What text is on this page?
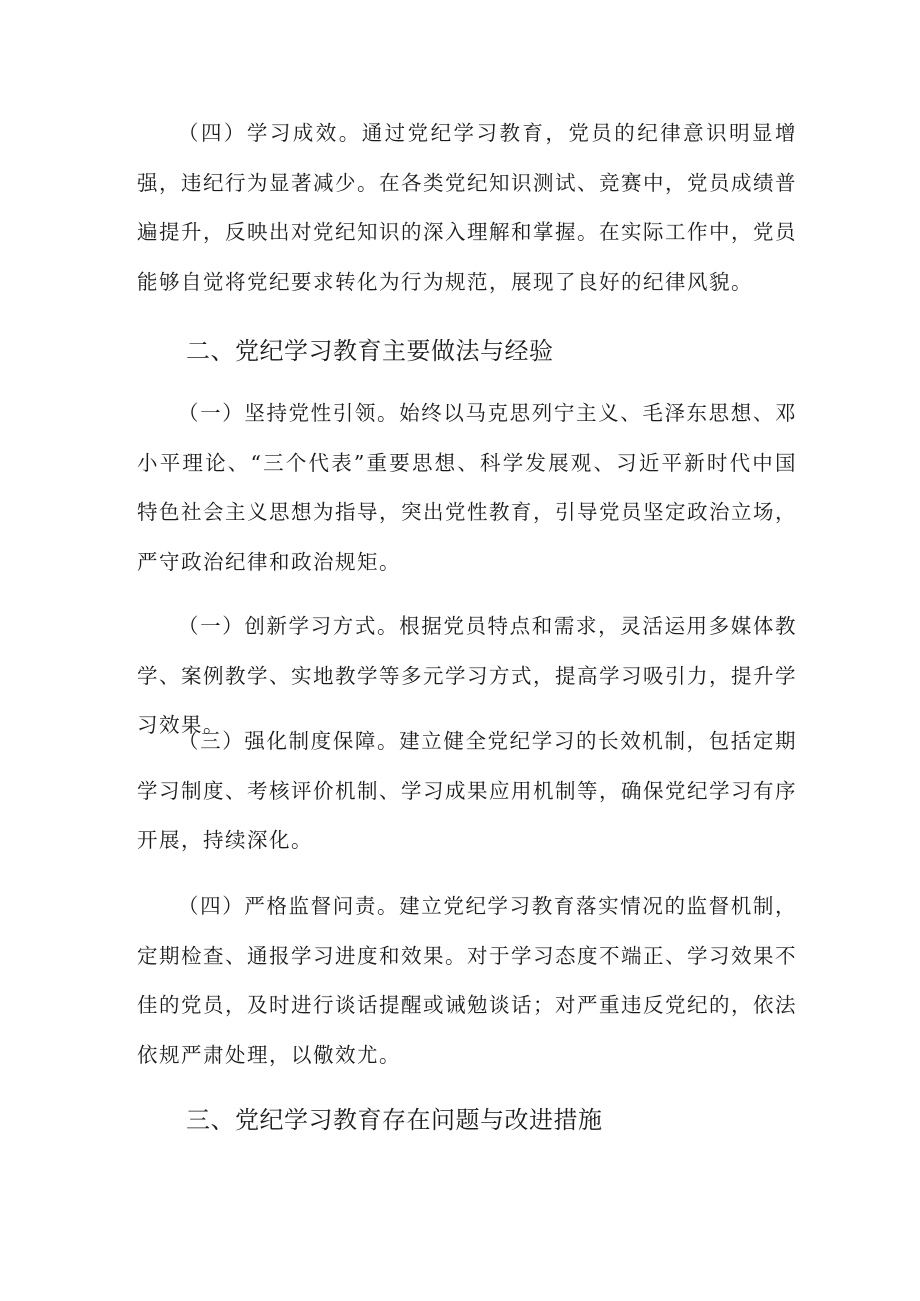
（四）学习成效。通过党纪学习教育，党员的纪律意识明显增强，违纪行为显著减少。在各类党纪知识测试、竞赛中，党员成绩普遍提升，反映出对党纪知识的深入理解和掌握。在实际工作中，党员能够自觉将党纪要求转化为行为规范，展现了良好的纪律风貌。

二、党纪学习教育主要做法与经验

（一）坚持党性引领。始终以马克思列宁主义、毛泽东思想、邓小平理论、“三个代表”重要思想、科学发展观、习近平新时代中国特色社会主义思想为指导，突出党性教育，引导党员坚定政治立场，严守政治纪律和政治规矩。

（一）创新学习方式。根据党员特点和需求，灵活运用多媒体教学、案例教学、实地教学等多元学习方式，提高学习吸引力，提升学习效果。

（三）强化制度保障。建立健全党纪学习的长效机制，包括定期学习制度、考核评价机制、学习成果应用机制等，确保党纪学习有序开展，持续深化。

（四）严格监督问责。建立党纪学习教育落实情况的监督机制，定期检查、通报学习进度和效果。对于学习态度不端正、学习效果不佳的党员，及时进行谈话提醒或诫勉谈话；对严重违反党纪的，依法依规严肃处理，以儆效尤。

三、党纪学习教育存在问题与改进措施
